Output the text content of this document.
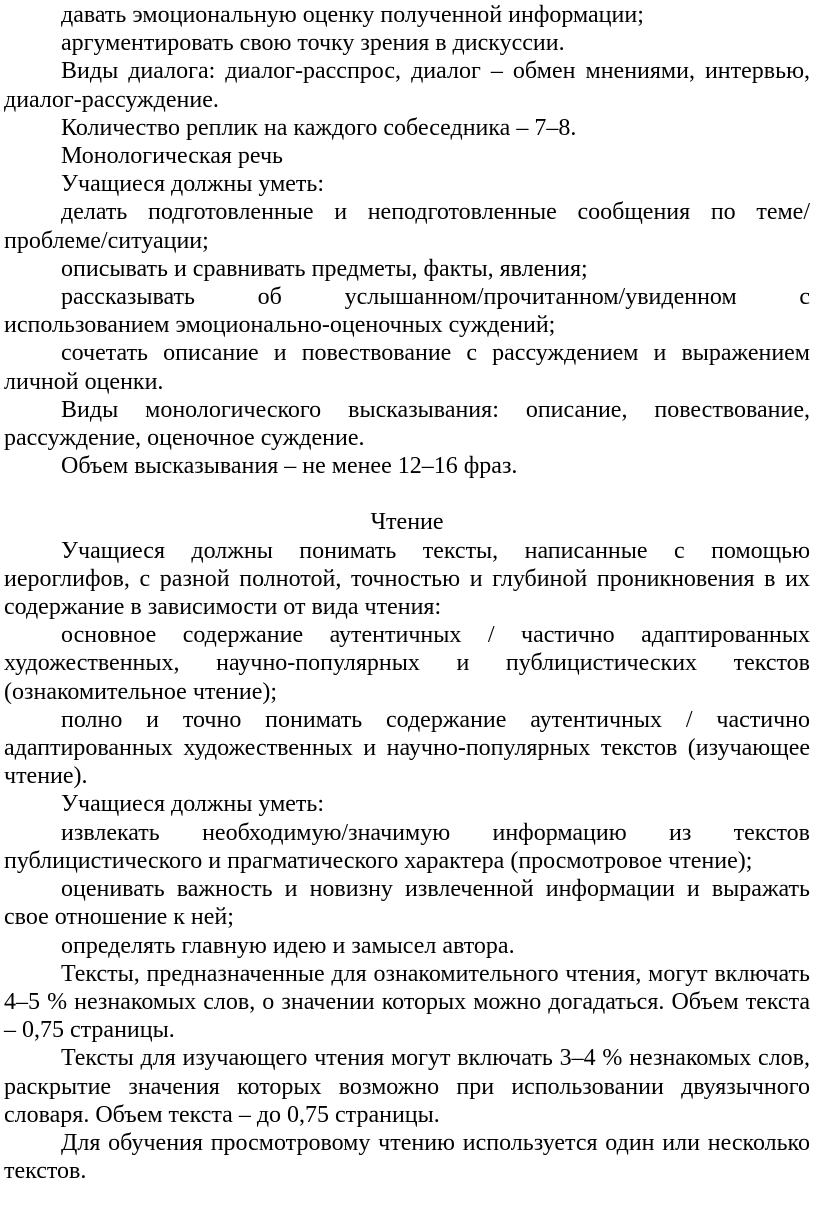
давать эмоциональную оценку полученной информации;

аргументировать свою точку зрения в дискуссии.

Виды диалога: диалог-расспрос, диалог – обмен мнениями, интервью, диалог-рассуждение.

Количество реплик на каждого собеседника – 7–8.

Монологическая речь

Учащиеся должны уметь:

делать подготовленные и неподготовленные сообщения по теме/проблеме/ситуации;

описывать и сравнивать предметы, факты, явления;

рассказывать об услышанном/прочитанном/увиденном с использованием эмоционально-оценочных суждений;

сочетать описание и повествование с рассуждением и выражением личной оценки.

Виды монологического высказывания: описание, повествование, рассуждение, оценочное суждение.

Объем высказывания – не менее 12–16 фраз.

Чтение

Учащиеся должны понимать тексты, написанные с помощью иероглифов, с разной полнотой, точностью и глубиной проникновения в их содержание в зависимости от вида чтения:

основное содержание аутентичных / частично адаптированных художественных, научно-популярных и публицистических текстов (ознакомительное чтение);

полно и точно понимать содержание аутентичных / частично адаптированных художественных и научно-популярных текстов (изучающее чтение).

Учащиеся должны уметь:

извлекать необходимую/значимую информацию из текстов публицистического и прагматического характера (просмотровое чтение);

оценивать важность и новизну извлеченной информации и выражать свое отношение к ней;

определять главную идею и замысел автора.

Тексты, предназначенные для ознакомительного чтения, могут включать 4–5 % незнакомых слов, о значении которых можно догадаться. Объем текста – 0,75 страницы.

Тексты для изучающего чтения могут включать 3–4 % незнакомых слов, раскрытие значения которых возможно при использовании двуязычного словаря. Объем текста – до 0,75 страницы.

Для обучения просмотровому чтению используется один или несколько текстов.
